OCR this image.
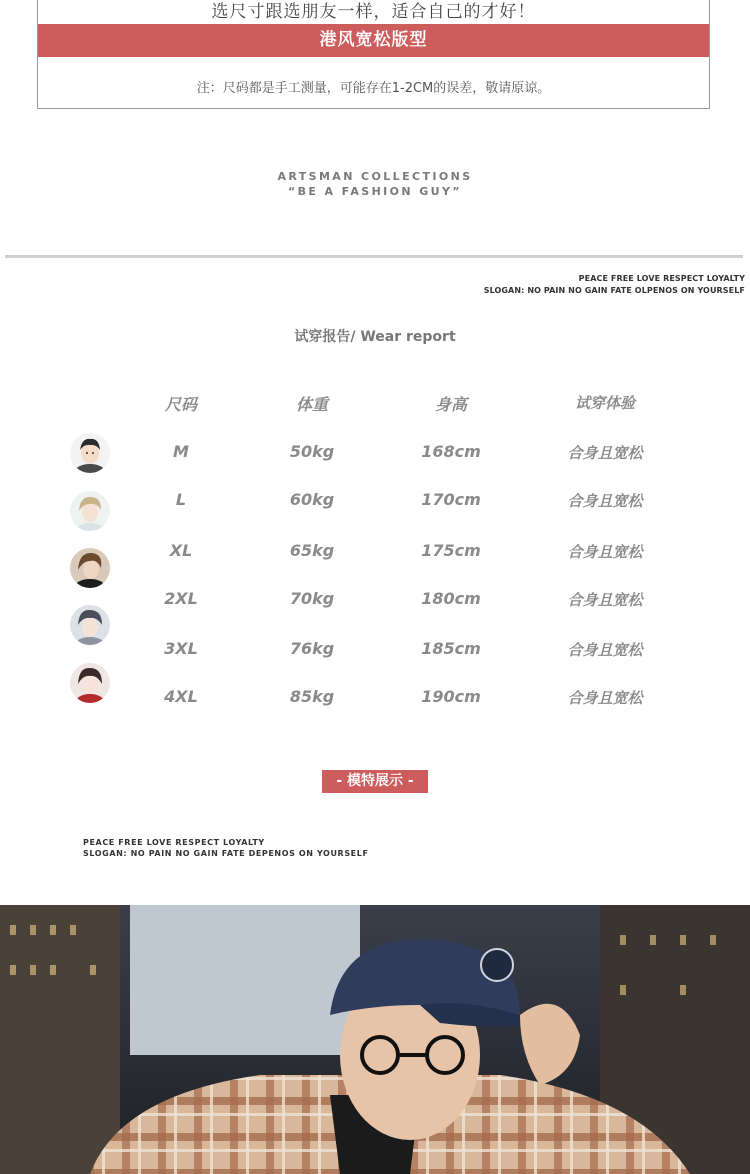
选尺寸跟选朋友一样，适合自己的才好！
港风宽松版型
注：尺码都是手工测量，可能存在1-2CM的误差，敬请原谅。
ARTSMAN COLLECTIONS
“BE A FASHION GUY”
PEACE FREE LOVE RESPECT LOYALTY
SLOGAN: NO PAIN NO GAIN FATE OLPENOS ON YOURSELF
试穿报告/ Wear report
尺码	体重	身高	试穿体验
M	50kg	168cm	合身且宽松
L	60kg	170cm	合身且宽松
XL	65kg	175cm	合身且宽松
2XL	70kg	180cm	合身且宽松
3XL	76kg	185cm	合身且宽松
4XL	85kg	190cm	合身且宽松
- 模特展示 -
PEACE FREE LOVE RESPECT LOYALTY
SLOGAN: NO PAIN NO GAIN FATE DEPENOS ON YOURSELF
